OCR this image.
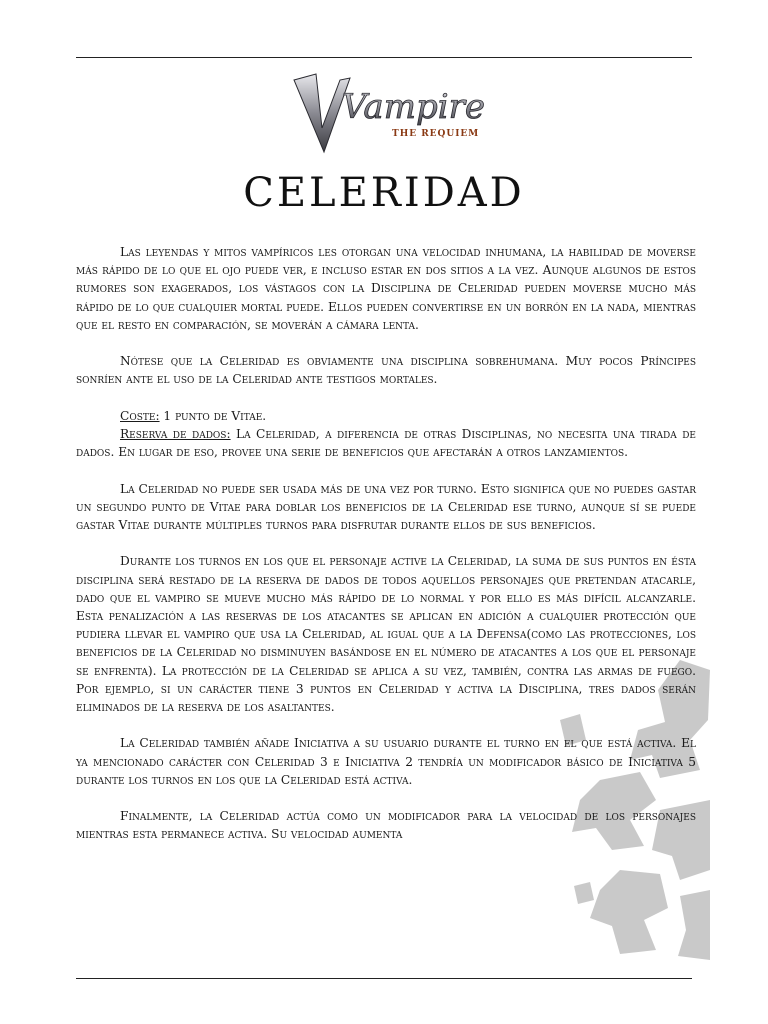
Vampire
THE REQUIEM
CELERIDAD

Las leyendas y mitos vampíricos les otorgan una velocidad inhumana, la habilidad de moverse más rápido de lo que el ojo puede ver, e incluso estar en dos sitios a la vez. Aunque algunos de estos rumores son exagerados, los vástagos con la Disciplina de Celeridad pueden moverse mucho más rápido de lo que cualquier mortal puede. Ellos pueden convertirse en un borrón en la nada, mientras que el resto en comparación, se moverán a cámara lenta.

Nótese que la Celeridad es obviamente una disciplina sobrehumana. Muy pocos Príncipes sonríen ante el uso de la Celeridad ante testigos mortales.

Coste: 1 punto de Vitae.

Reserva de dados: La Celeridad, a diferencia de otras Disciplinas, no necesita una tirada de dados. En lugar de eso, provee una serie de beneficios que afectarán a otros lanzamientos.

La Celeridad no puede ser usada más de una vez por turno. Esto significa que no puedes gastar un segundo punto de Vitae para doblar los beneficios de la Celeridad ese turno, aunque sí se puede gastar Vitae durante múltiples turnos para disfrutar durante ellos de sus beneficios.

Durante los turnos en los que el personaje active la Celeridad, la suma de sus puntos en ésta disciplina será restado de la reserva de dados de todos aquellos personajes que pretendan atacarle, dado que el vampiro se mueve mucho más rápido de lo normal y por ello es más difícil alcanzarle. Esta penalización a las reservas de los atacantes se aplican en adición a cualquier protección que pudiera llevar el vampiro que usa la Celeridad, al igual que a la Defensa(como las protecciones, los beneficios de la Celeridad no disminuyen basándose en el número de atacantes a los que el personaje se enfrenta). La protección de la Celeridad se aplica a su vez, también, contra las armas de fuego. Por ejemplo, si un carácter tiene 3 puntos en Celeridad y activa la Disciplina, tres dados serán eliminados de la reserva de los asaltantes.

La Celeridad también añade Iniciativa a su usuario durante el turno en el que está activa. El ya mencionado carácter con Celeridad 3 e Iniciativa 2 tendría un modificador básico de Iniciativa 5 durante los turnos en los que la Celeridad está activa.

Finalmente, la Celeridad actúa como un modificador para la velocidad de los personajes mientras esta permanece activa. Su velocidad aumenta
